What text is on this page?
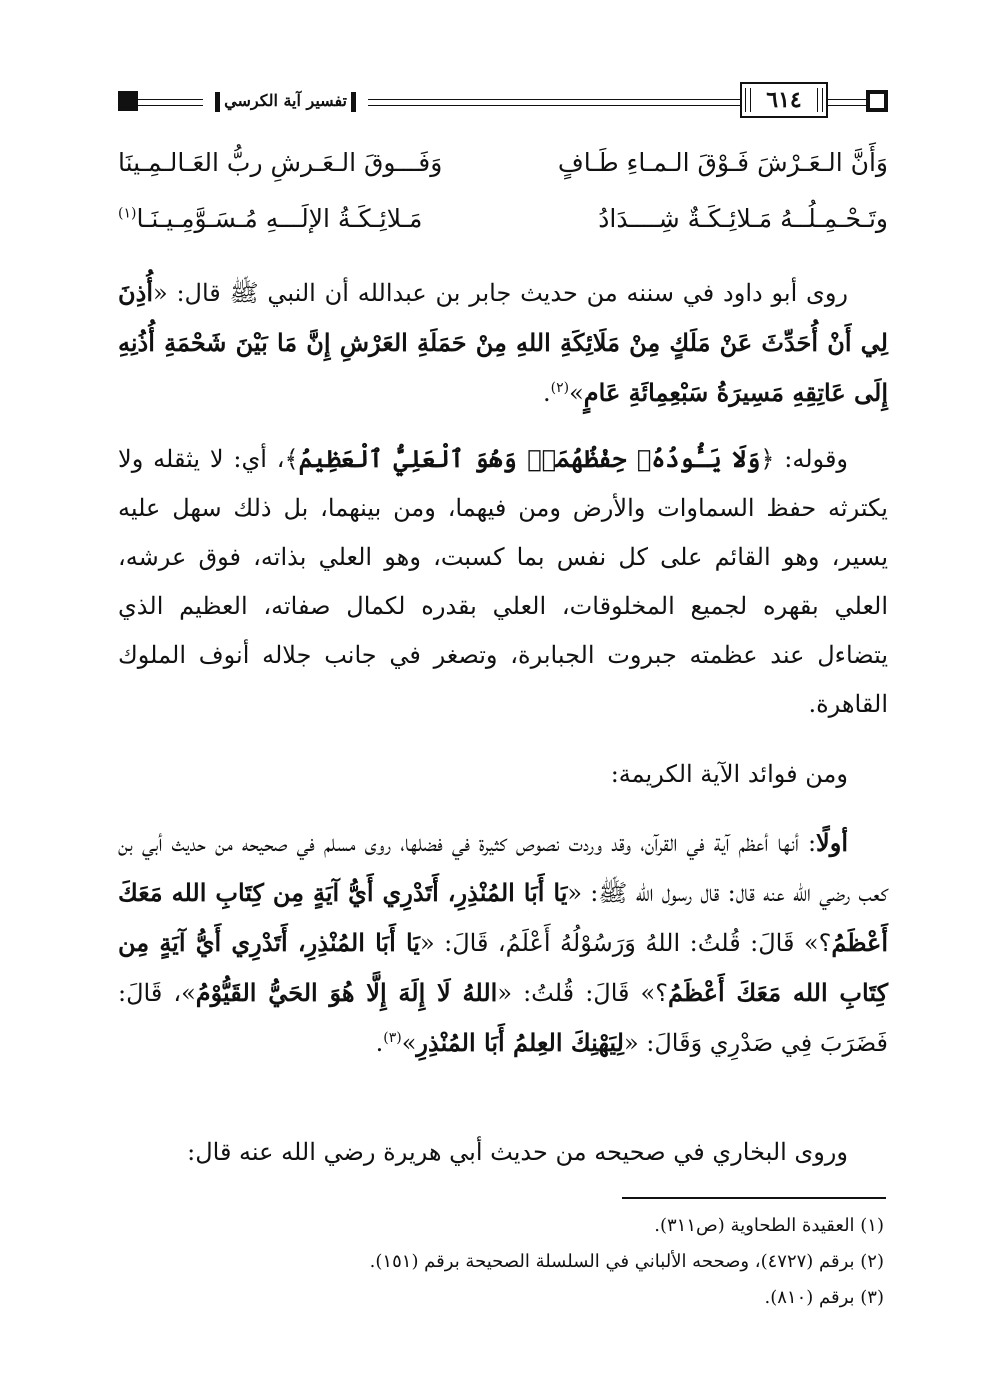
تفسير آية الكرسي	٦١٤
وَأَنَّ الـعَـرْشَ فَـوْقَ الـمـاءِ طَـافٍ
وَفَـــوقَ الـعَـرشِ ربُّ العَـالـمِـينَا
وتَـحْـمِـلُــهُ مَـلائِـكَـةٌ شِــــدَادُ
مَـلائِـكَـةُ الإلَـــهِ مُـسَـوَّمِـيـنَـا$^{(١)}$

روى أبو داود في سننه من حديث جابر بن عبدالله أن النبي ﷺ قال: «أُذِنَ لِي أَنْ أُحَدِّثَ عَنْ مَلَكٍ مِنْ مَلَائِكَةِ اللهِ مِنْ حَمَلَةِ العَرْشِ إِنَّ مَا بَيْنَ شَحْمَةِ أُذُنِهِ إِلَى عَاتِقِهِ مَسِيرَةُ سَبْعِمِائَةِ عَامٍ»$^{(٢)}$.

وقوله: ﴿وَلَا يَـُٔودُهُۥ حِفْظُهُمَاۚ وَهُوَ ٱلْعَلِيُّ ٱلْعَظِيمُ﴾، أي: لا يثقله ولا يكترثه حفظ السماوات والأرض ومن فيهما، ومن بينهما، بل ذلك سهل عليه يسير، وهو القائم على كل نفس بما كسبت، وهو العلي بذاته، فوق عرشه، العلي بقهره لجميع المخلوقات، العلي بقدره لكمال صفاته، العظيم الذي يتضاءل عند عظمته جبروت الجبابرة، وتصغر في جانب جلاله أنوف الملوك القاهرة.

ومن فوائد الآية الكريمة:

أولًا: أنها أعظم آية في القرآن، وقد وردت نصوص كثيرة في فضلها، روى مسلم في صحيحه من حديث أبي بن كعب رضي الله عنه قال: قال رسول الله ﷺ: «يَا أَبَا المُنْذِرِ، أَتَدْرِي أَيُّ آيَةٍ مِن كِتَابِ الله مَعَكَ أَعْظَمُ؟» قَالَ: قُلتُ: اللهُ وَرَسُوْلُهُ أَعْلَمُ، قَالَ: «يَا أَبَا المُنْذِرِ، أَتَدْرِي أَيُّ آيَةٍ مِن كِتَابِ الله مَعَكَ أَعْظَمُ؟» قَالَ: قُلتُ: «اللهُ لَا إِلَهَ إِلَّا هُوَ الحَيُّ القَيُّوْمُ»، قَالَ: فَضَرَبَ فِي صَدْرِي وَقَالَ: «لِيَهْنِكَ العِلمُ أَبَا المُنْذِرِ»$^{(٣)}$.

وروى البخاري في صحيحه من حديث أبي هريرة رضي الله عنه قال:

(١) العقيدة الطحاوية (ص٣١١).
(٢) برقم (٤٧٢٧)، وصححه الألباني في السلسلة الصحيحة برقم (١٥١).
(٣) برقم (٨١٠).
